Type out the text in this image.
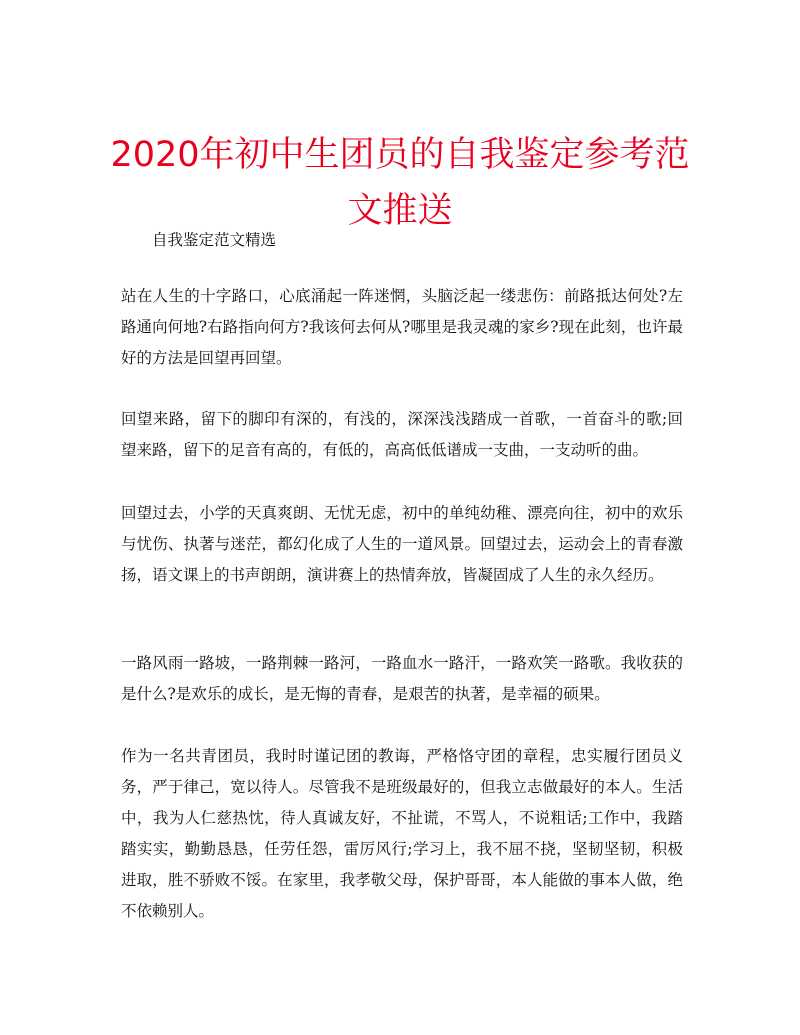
2020年初中生团员的自我鉴定参考范文推送
自我鉴定范文精选

站在人生的十字路口，心底涌起一阵迷惘，头脑泛起一缕悲伤：前路抵达何处?左路通向何地?右路指向何方?我该何去何从?哪里是我灵魂的家乡?现在此刻，也许最好的方法是回望再回望。

回望来路，留下的脚印有深的，有浅的，深深浅浅踏成一首歌，一首奋斗的歌;回望来路，留下的足音有高的，有低的，高高低低谱成一支曲，一支动听的曲。

回望过去，小学的天真爽朗、无忧无虑，初中的单纯幼稚、漂亮向往，初中的欢乐与忧伤、执著与迷茫，都幻化成了人生的一道风景。回望过去，运动会上的青春激扬，语文课上的书声朗朗，演讲赛上的热情奔放，皆凝固成了人生的永久经历。

一路风雨一路坡，一路荆棘一路河，一路血水一路汗，一路欢笑一路歌。我收获的是什么?是欢乐的成长，是无悔的青春，是艰苦的执著，是幸福的硕果。

作为一名共青团员，我时时谨记团的教诲，严格恪守团的章程，忠实履行团员义务，严于律己，宽以待人。尽管我不是班级最好的，但我立志做最好的本人。生活中，我为人仁慈热忱，待人真诚友好，不扯谎，不骂人，不说粗话;工作中，我踏踏实实，勤勤恳恳，任劳任怨，雷厉风行;学习上，我不屈不挠，坚韧坚韧，积极进取，胜不骄败不馁。在家里，我孝敬父母，保护哥哥，本人能做的事本人做，绝不依赖别人。
